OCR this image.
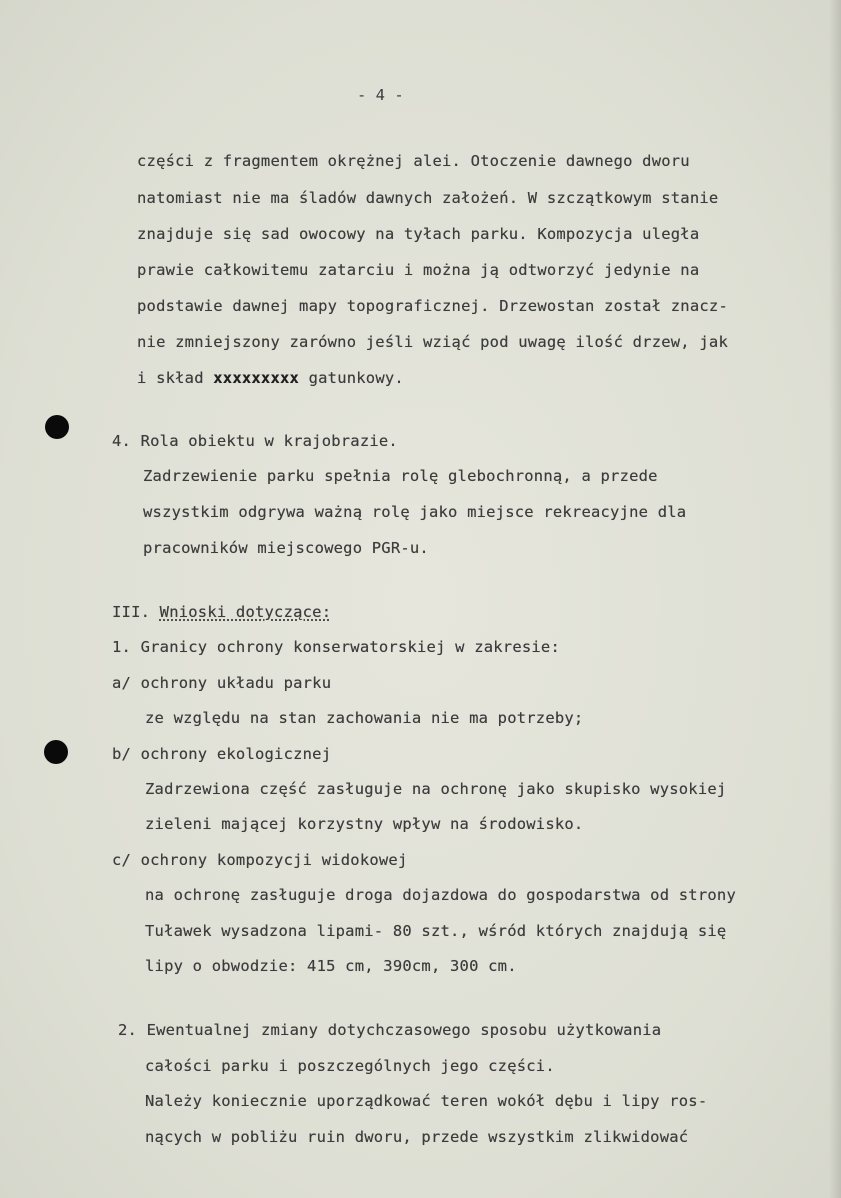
- 4 -
części z fragmentem okrężnej alei. Otoczenie dawnego dworu
natomiast nie ma śladów dawnych założeń. W szczątkowym stanie
znajduje się sad owocowy na tyłach parku. Kompozycja uległa
prawie całkowitemu zatarciu i można ją odtworzyć jedynie na
podstawie dawnej mapy topograficznej. Drzewostan został znacz-
nie zmniejszony zarówno jeśli wziąć pod uwagę ilość drzew, jak
i skład xxxxxxxxx gatunkowy.
4. Rola obiektu w krajobrazie.
Zadrzewienie parku spełnia rolę glebochronną, a przede
wszystkim odgrywa ważną rolę jako miejsce rekreacyjne dla
pracowników miejscowego PGR-u.
III. Wnioski dotyczące:
1. Granicy ochrony konserwatorskiej w zakresie:
a/ ochrony układu parku
ze względu na stan zachowania nie ma potrzeby;
b/ ochrony ekologicznej
Zadrzewiona część zasługuje na ochronę jako skupisko wysokiej
zieleni mającej korzystny wpływ na środowisko.
c/ ochrony kompozycji widokowej
na ochronę zasługuje droga dojazdowa do gospodarstwa od strony
Tuławek wysadzona lipami- 80 szt., wśród których znajdują się
lipy o obwodzie: 415 cm, 390cm, 300 cm.
2. Ewentualnej zmiany dotychczasowego sposobu użytkowania
całości parku i poszczególnych jego części.
Należy koniecznie uporządkować teren wokół dębu i lipy ros-
nących w pobliżu ruin dworu, przede wszystkim zlikwidować
